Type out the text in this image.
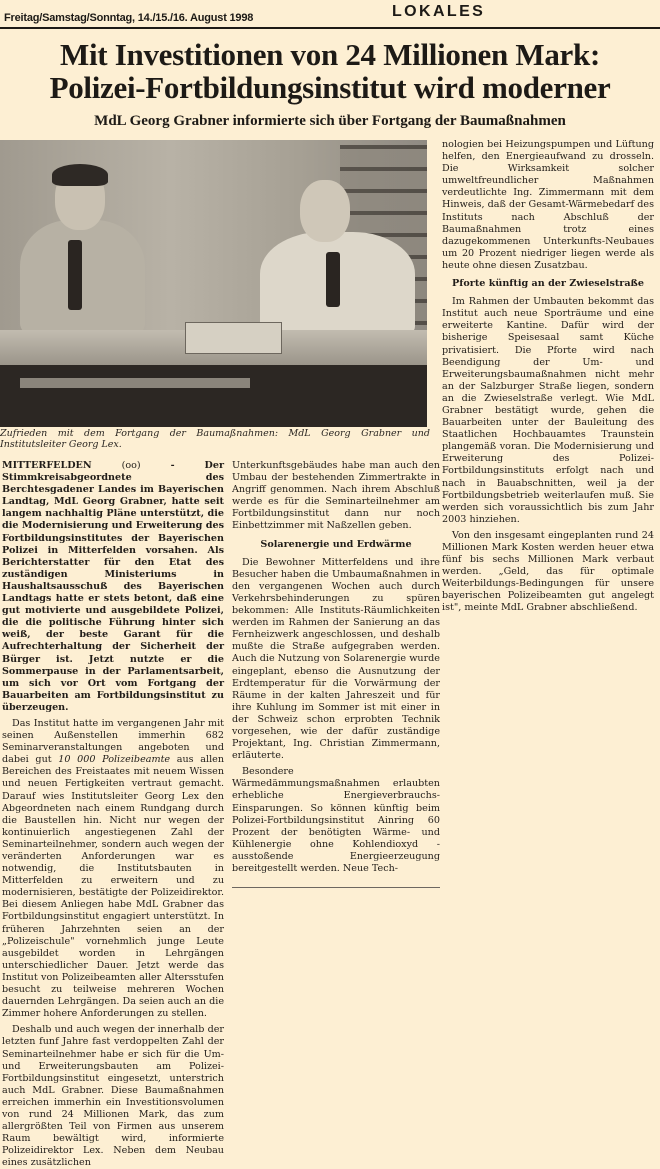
Freitag/Samstag/Sonntag, 14./15./16. August 1998	LOKALES
Mit Investitionen von 24 Millionen Mark:
Polizei-Fortbildungsinstitut wird moderner
MdL Georg Grabner informierte sich über Fortgang der Baumaßnahmen
Zufrieden mit dem Fortgang der Baumaßnahmen: MdL Georg Grabner und Institutsleiter Georg Lex.

nologien bei Heizungspumpen und Lüftung helfen, den Energieaufwand zu drosseln. Die Wirksamkeit solcher umweltfreundlicher Maßnahmen verdeutlichte Ing. Zimmermann mit dem Hinweis, daß der Gesamt-Wärmebedarf des Instituts nach Abschluß der Baumaßnahmen trotz eines dazugekommenen Unterkunfts-Neubaues um 20 Prozent niedriger liegen werde als heute ohne diesen Zusatzbau.

Pforte künftig an der Zwieselstraße

Im Rahmen der Umbauten bekommt das Institut auch neue Sporträume und eine erweiterte Kantine. Dafür wird der bisherige Speisesaal samt Küche privatisiert. Die Pforte wird nach Beendigung der Um- und Erweiterungsbaumaßnahmen nicht mehr an der Salzburger Straße liegen, sondern an die Zwieselstraße verlegt. Wie MdL Grabner bestätigt wurde, gehen die Bauarbeiten unter der Bauleitung des Staatlichen Hochbauamtes Traunstein plangemäß voran. Die Modernisierung und Erweiterung des Polizei-Fortbildungsinstituts erfolgt nach und nach in Bauabschnitten, weil ja der Fortbildungsbetrieb weiterlaufen muß. Sie werden sich voraussichtlich bis zum Jahr 2003 hinziehen.

Von den insgesamt eingeplanten rund 24 Millionen Mark Kosten werden heuer etwa fünf bis sechs Millionen Mark verbaut werden. „Geld, das für optimale Weiterbildungs-Bedingungen für unsere bayerischen Polizeibeamten gut angelegt ist", meinte MdL Grabner abschließend.

MITTERFELDEN	(oo) - Der Stimmkreisabgeordnete des Berchtesgadener Landes im Bayerischen Landtag, MdL Georg Grabner, hatte seit langem nachhaltig Pläne unterstützt, die die Modernisierung und Erweiterung des Fortbildungsinstitutes der Bayerischen Polizei in Mitterfelden vorsahen. Als Berichterstatter für den Etat des zuständigen Ministeriums in Haushaltsausschuß des Bayerischen Landtags hatte er stets betont, daß eine gut motivierte und ausgebildete Polizei, die die politische Führung hinter sich weiß, der beste Garant für die Aufrechterhaltung der Sicherheit der Bürger ist. Jetzt nutzte er die Sommerpause in der Parlamentsarbeit, um sich vor Ort vom Fortgang der Bauarbeiten am Fortbildungsinstitut zu überzeugen.

Das Institut hatte im vergangenen Jahr mit seinen Außenstellen immerhin 682 Seminarveranstaltungen angeboten und dabei gut 10 000 Polizeibeamte aus allen Bereichen des Freistaates mit neuem Wissen und neuen Fertigkeiten vertraut gemacht. Darauf wies Institutsleiter Georg Lex den Abgeordneten nach einem Rundgang durch die Baustellen hin. Nicht nur wegen der kontinuierlich angestiegenen Zahl der Seminarteilnehmer, sondern auch wegen der veränderten Anforderungen war es notwendig, die Institutsbauten in Mitterfelden zu erweitern und zu modernisieren, bestätigte der Polizeidirektor. Bei diesem Anliegen habe MdL Grabner das Fortbildungsinstitut engagiert unterstützt. In früheren Jahrzehnten seien an der „Polizeischule" vornehmlich junge Leute ausgebildet worden in Lehrgängen unterschiedlicher Dauer. Jetzt werde das Institut von Polizeibeamten aller Altersstufen besucht zu teilweise mehreren Wochen dauernden Lehrgängen. Da seien auch an die Zimmer hohere Anforderungen zu stellen.

Deshalb und auch wegen der innerhalb der letzten funf Jahre fast verdoppelten Zahl der Seminarteilnehmer habe er sich für die Um- und Erweiterungsbauten am Polizei-Fortbildungsinstitut eingesetzt, unterstrich auch MdL Grabner. Diese Baumaßnahmen erreichen immerhin ein Investitionsvolumen von rund 24 Millionen Mark, das zum allergrößten Teil von Firmen aus unserem Raum bewältigt wird, informierte Polizeidirektor Lex. Neben dem Neubau eines zusätzlichen

Unterkunftsgebäudes habe man auch den Umbau der bestehenden Zimmertrakte in Angriff genommen. Nach ihrem Abschluß werde es für die Seminarteilnehmer am Fortbildungsinstitut dann nur noch Einbettzimmer mit Naßzellen geben.

Solarenergie und Erdwärme

Die Bewohner Mitterfeldens und ihre Besucher haben die Umbaumaßnahmen in den vergangenen Wochen auch durch Verkehrsbehinderungen zu spüren bekommen: Alle Instituts-Räumlichkeiten werden im Rahmen der Sanierung an das Fernheizwerk angeschlossen, und deshalb mußte die Straße aufgegraben werden. Auch die Nutzung von Solarenergie wurde eingeplant, ebenso die Ausnutzung der Erdtemperatur für die Vorwärmung der Räume in der kalten Jahreszeit und für ihre Kuhlung im Sommer ist mit einer in der Schweiz schon erprobten Technik vorgesehen, wie der dafür zuständige Projektant, Ing. Christian Zimmermann, erläuterte.

Besondere Wärmedämmungsmaßnahmen erlaubten erhebliche Energieverbrauchs-Einsparungen. So können künftig beim Polizei-Fortbildungsinstitut Ainring 60 Prozent der benötigten Wärme- und Kühlenergie ohne Kohlendioxyd - ausstoßende Energieerzeugung bereitgestellt werden. Neue Tech-
